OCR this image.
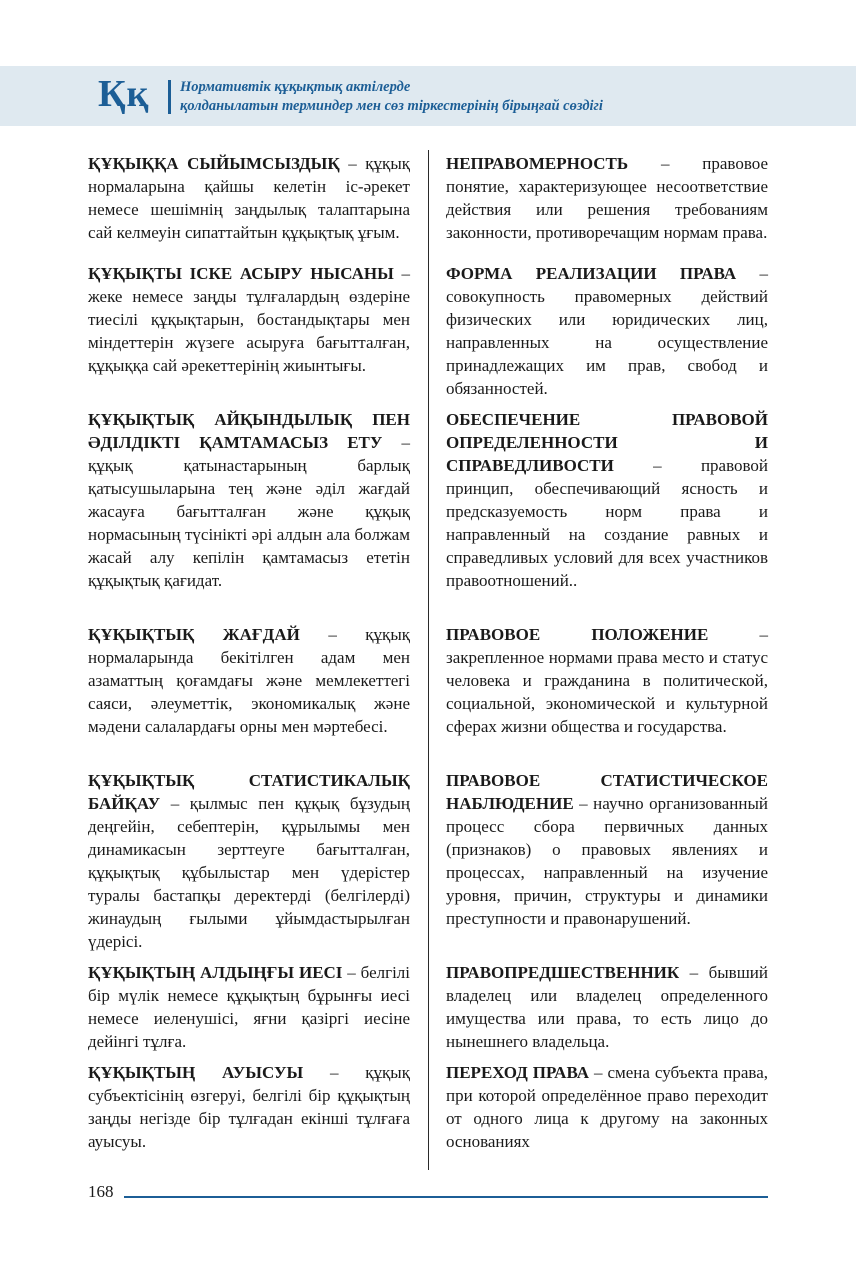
Ққ Нормативтік құқықтық актілерде
қолданылатын терминдер мен сөз тіркестерінің бірыңғай сөздігі
ҚҰҚЫҚҚА СЫЙЫМСЫЗДЫҚ – құқық нормаларына қайшы келетін іс-әрекет немесе шешімнің заңдылық талаптарына сай келмеуін сипаттайтын құқықтық ұғым.
ҚҰҚЫҚТЫ ІСКЕ АСЫРУ НЫСАНЫ – жеке немесе заңды тұлғалардың өздеріне тиесілі құқықтарын, бостандықтары мен міндеттерін жүзеге асыруға бағытталған, құқыққа сай әрекеттерінің жиынтығы.
ҚҰҚЫҚТЫҚ АЙҚЫНДЫЛЫҚ ПЕН ӘДІЛДІКТІ ҚАМТАМАСЫЗ ЕТУ – құқық қатынастарының барлық қатысушыларына тең және әділ жағдай жасауға бағытталған және құқық нормасының түсінікті әрі алдын ала болжам жасай алу кепілін қамтамасыз ететін құқықтық қағидат.
ҚҰҚЫҚТЫҚ ЖАҒДАЙ – құқық нормаларында бекітілген адам мен азаматтың қоғамдағы және мемлекеттегі саяси, әлеуметтік, экономикалық және мәдени салалардағы орны мен мәртебесі.
ҚҰҚЫҚТЫҚ СТАТИСТИКАЛЫҚ БАЙҚАУ – қылмыс пен құқық бұзудың деңгейін, себептерін, құрылымы мен динамикасын зерттеуге бағытталған, құқықтық құбылыстар мен үдерістер туралы бастапқы деректерді (белгілерді) жинаудың ғылыми ұйымдастырылған үдерісі.
ҚҰҚЫҚТЫҢ АЛДЫҢҒЫ ИЕСІ – белгілі бір мүлік немесе құқықтың бұрынғы иесі немесе иеленушісі, яғни қазіргі иесіне дейінгі тұлға.
ҚҰҚЫҚТЫҢ АУЫСУЫ – құқық субъектісінің өзгеруі, белгілі бір құқықтың заңды негізде бір тұлғадан екінші тұлғаға ауысуы.
НЕПРАВОМЕРНОСТЬ – правовое понятие, характеризующее несоответствие действия или решения требованиям законности, противоречащим нормам права.
ФОРМА РЕАЛИЗАЦИИ ПРАВА – совокупность правомерных действий физических или юридических лиц, направленных на осуществление принадлежащих им прав, свобод и обязанностей.
ОБЕСПЕЧЕНИЕ ПРАВОВОЙ ОПРЕДЕЛЕННОСТИ И СПРАВЕДЛИВОСТИ – правовой принцип, обеспечивающий ясность и предсказуемость норм права и направленный на создание равных и справедливых условий для всех участников правоотношений..
ПРАВОВОЕ ПОЛОЖЕНИЕ – закрепленное нормами права место и статус человека и гражданина в политической, социальной, экономической и культурной сферах жизни общества и государства.
ПРАВОВОЕ СТАТИСТИЧЕСКОЕ НАБЛЮДЕНИЕ – научно организованный процесс сбора первичных данных (признаков) о правовых явлениях и процессах, направленный на изучение уровня, причин, структуры и динамики преступности и правонарушений.
ПРАВОПРЕДШЕСТВЕННИК – бывший владелец или владелец определенного имущества или права, то есть лицо до нынешнего владельца.
ПЕРЕХОД ПРАВА – смена субъекта права, при которой определённое право переходит от одного лица к другому на законных основаниях
168
